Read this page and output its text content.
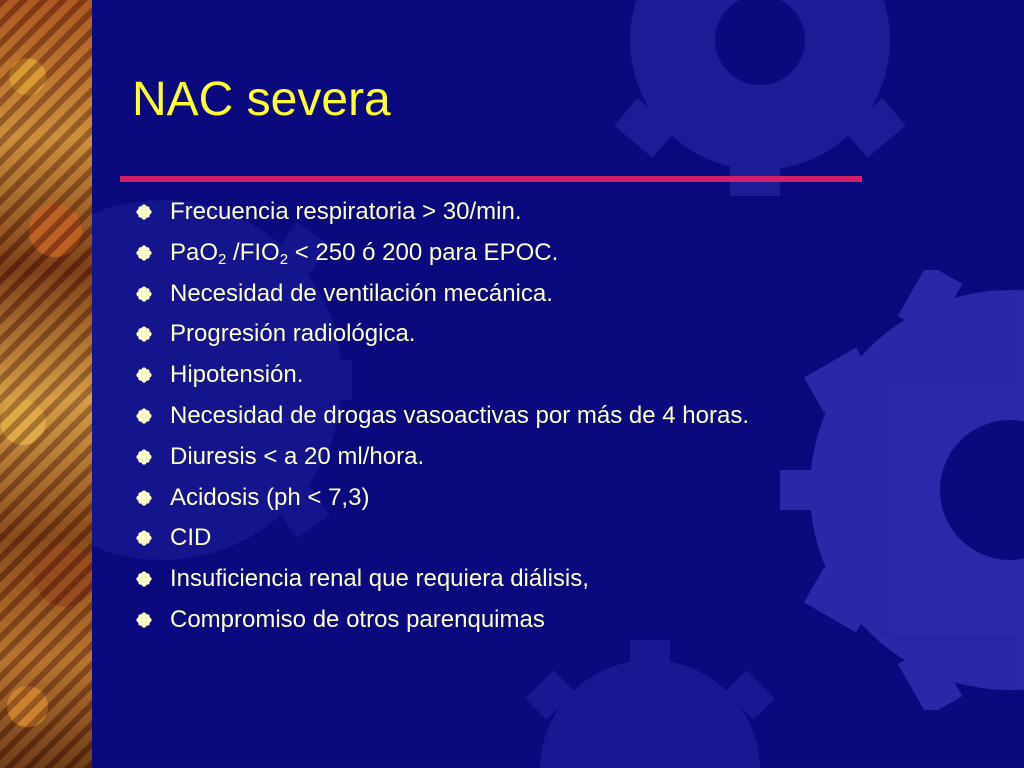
NAC severa
Frecuencia respiratoria > 30/min.
PaO$_2$ $/FIO_2 < 250$ ó 200 para EPOC.
Necesidad de ventilación mecánica.
Progresión radiológica.
Hipotensión.
Necesidad de drogas vasoactivas por más de 4 horas.
Diuresis < a 20 ml/hora.
Acidosis (ph < 7,3)
CID
Insuficiencia renal que requiera diálisis,
Compromiso de otros parenquimas
